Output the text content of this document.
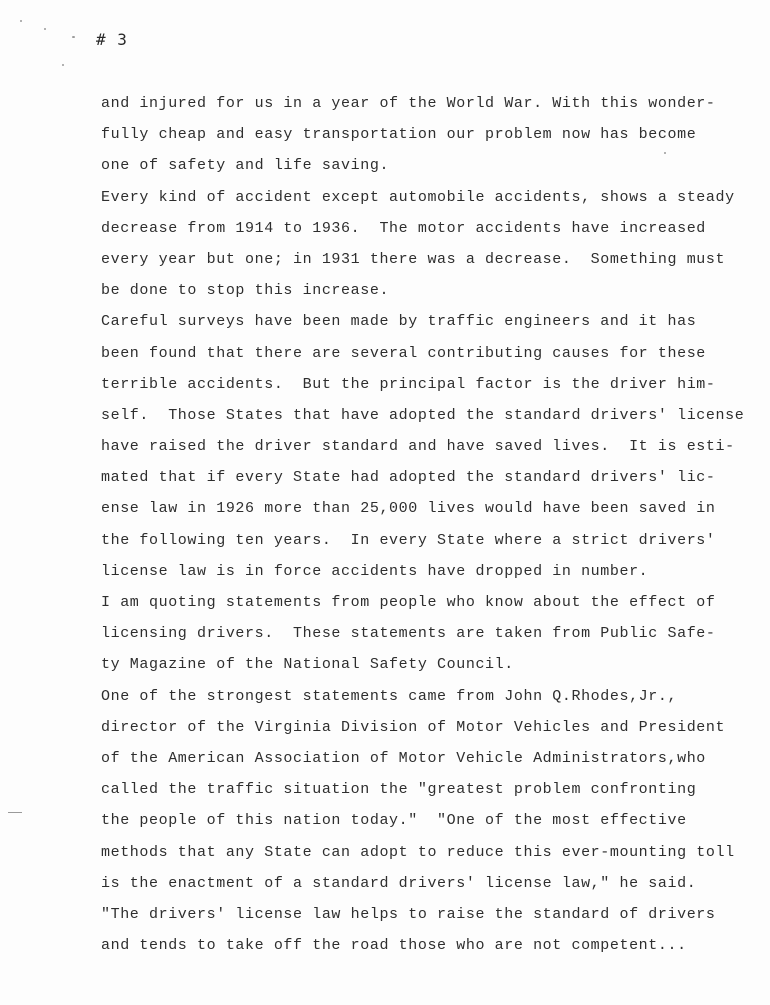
# 3
and injured for us in a year of the World War. With this wonder-
fully cheap and easy transportation our problem now has become
one of safety and life saving.
Every kind of accident except automobile accidents, shows a steady
decrease from 1914 to 1936.  The motor accidents have increased
every year but one; in 1931 there was a decrease.  Something must
be done to stop this increase.
Careful surveys have been made by traffic engineers and it has
been found that there are several contributing causes for these
terrible accidents.  But the principal factor is the driver him-
self.  Those States that have adopted the standard drivers' license
have raised the driver standard and have saved lives.  It is esti-
mated that if every State had adopted the standard drivers' lic-
ense law in 1926 more than 25,000 lives would have been saved in
the following ten years.  In every State where a strict drivers'
license law is in force accidents have dropped in number.
I am quoting statements from people who know about the effect of
licensing drivers.  These statements are taken from Public Safe-
ty Magazine of the National Safety Council.
One of the strongest statements came from John Q.Rhodes,Jr.,
director of the Virginia Division of Motor Vehicles and President
of the American Association of Motor Vehicle Administrators,who
called the traffic situation the "greatest problem confronting
the people of this nation today."  "One of the most effective
methods that any State can adopt to reduce this ever-mounting toll
is the enactment of a standard drivers' license law," he said.
"The drivers' license law helps to raise the standard of drivers
and tends to take off the road those who are not competent...
